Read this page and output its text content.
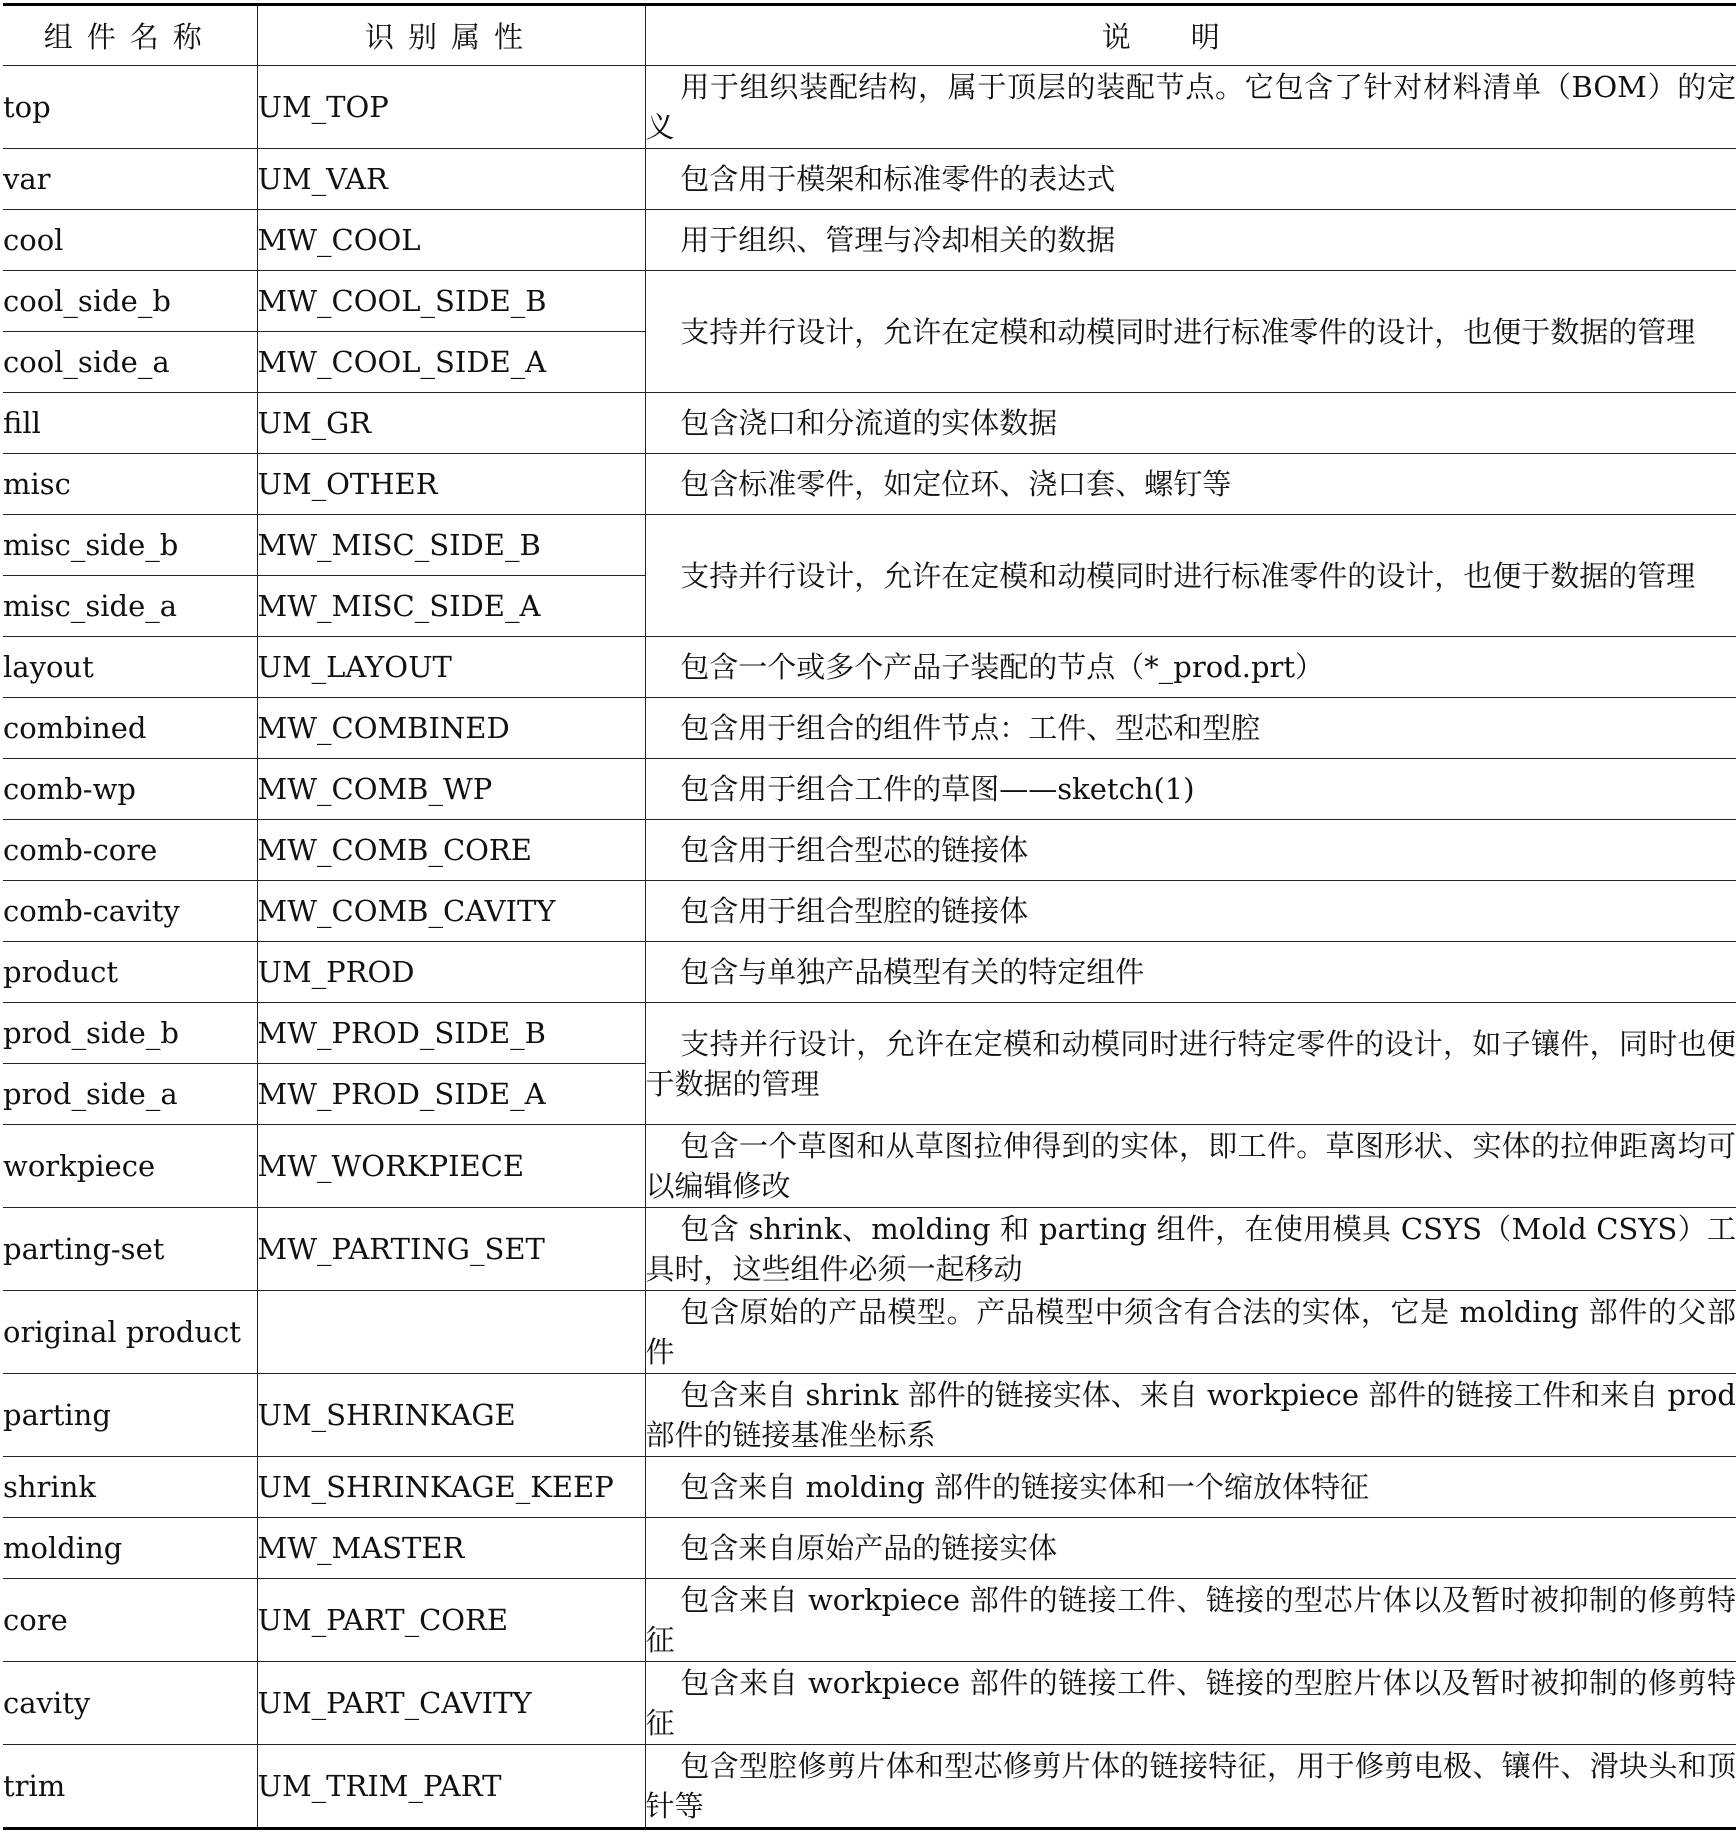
组件名称	识别属性	说明
top	UM_TOP	用于组织装配结构，属于顶层的装配节点。它包含了针对材料清单（BOM）的定义
var	UM_VAR	包含用于模架和标准零件的表达式
cool	MW_COOL	用于组织、管理与冷却相关的数据
cool_side_b	MW_COOL_SIDE_B	支持并行设计，允许在定模和动模同时进行标准零件的设计，也便于数据的管理
cool_side_a	MW_COOL_SIDE_A	
fill	UM_GR	包含浇口和分流道的实体数据
misc	UM_OTHER	包含标准零件，如定位环、浇口套、螺钉等
misc_side_b	MW_MISC_SIDE_B	支持并行设计，允许在定模和动模同时进行标准零件的设计，也便于数据的管理
misc_side_a	MW_MISC_SIDE_A	
layout	UM_LAYOUT	包含一个或多个产品子装配的节点（*_prod.prt）
combined	MW_COMBINED	包含用于组合的组件节点：工件、型芯和型腔
comb-wp	MW_COMB_WP	包含用于组合工件的草图——sketch(1)
comb-core	MW_COMB_CORE	包含用于组合型芯的链接体
comb-cavity	MW_COMB_CAVITY	包含用于组合型腔的链接体
product	UM_PROD	包含与单独产品模型有关的特定组件
prod_side_b	MW_PROD_SIDE_B	支持并行设计，允许在定模和动模同时进行特定零件的设计，如子镶件，同时也便于数据的管理
prod_side_a	MW_PROD_SIDE_A	
workpiece	MW_WORKPIECE	包含一个草图和从草图拉伸得到的实体，即工件。草图形状、实体的拉伸距离均可以编辑修改
parting-set	MW_PARTING_SET	包含 shrink、molding 和 parting 组件，在使用模具 CSYS（Mold CSYS）工具时，这些组件必须一起移动
original product		包含原始的产品模型。产品模型中须含有合法的实体，它是 molding 部件的父部件
parting	UM_SHRINKAGE	包含来自 shrink 部件的链接实体、来自 workpiece 部件的链接工件和来自 prod 部件的链接基准坐标系
shrink	UM_SHRINKAGE_KEEP	包含来自 molding 部件的链接实体和一个缩放体特征
molding	MW_MASTER	包含来自原始产品的链接实体
core	UM_PART_CORE	包含来自 workpiece 部件的链接工件、链接的型芯片体以及暂时被抑制的修剪特征
cavity	UM_PART_CAVITY	包含来自 workpiece 部件的链接工件、链接的型腔片体以及暂时被抑制的修剪特征
trim	UM_TRIM_PART	包含型腔修剪片体和型芯修剪片体的链接特征，用于修剪电极、镶件、滑块头和顶针等
